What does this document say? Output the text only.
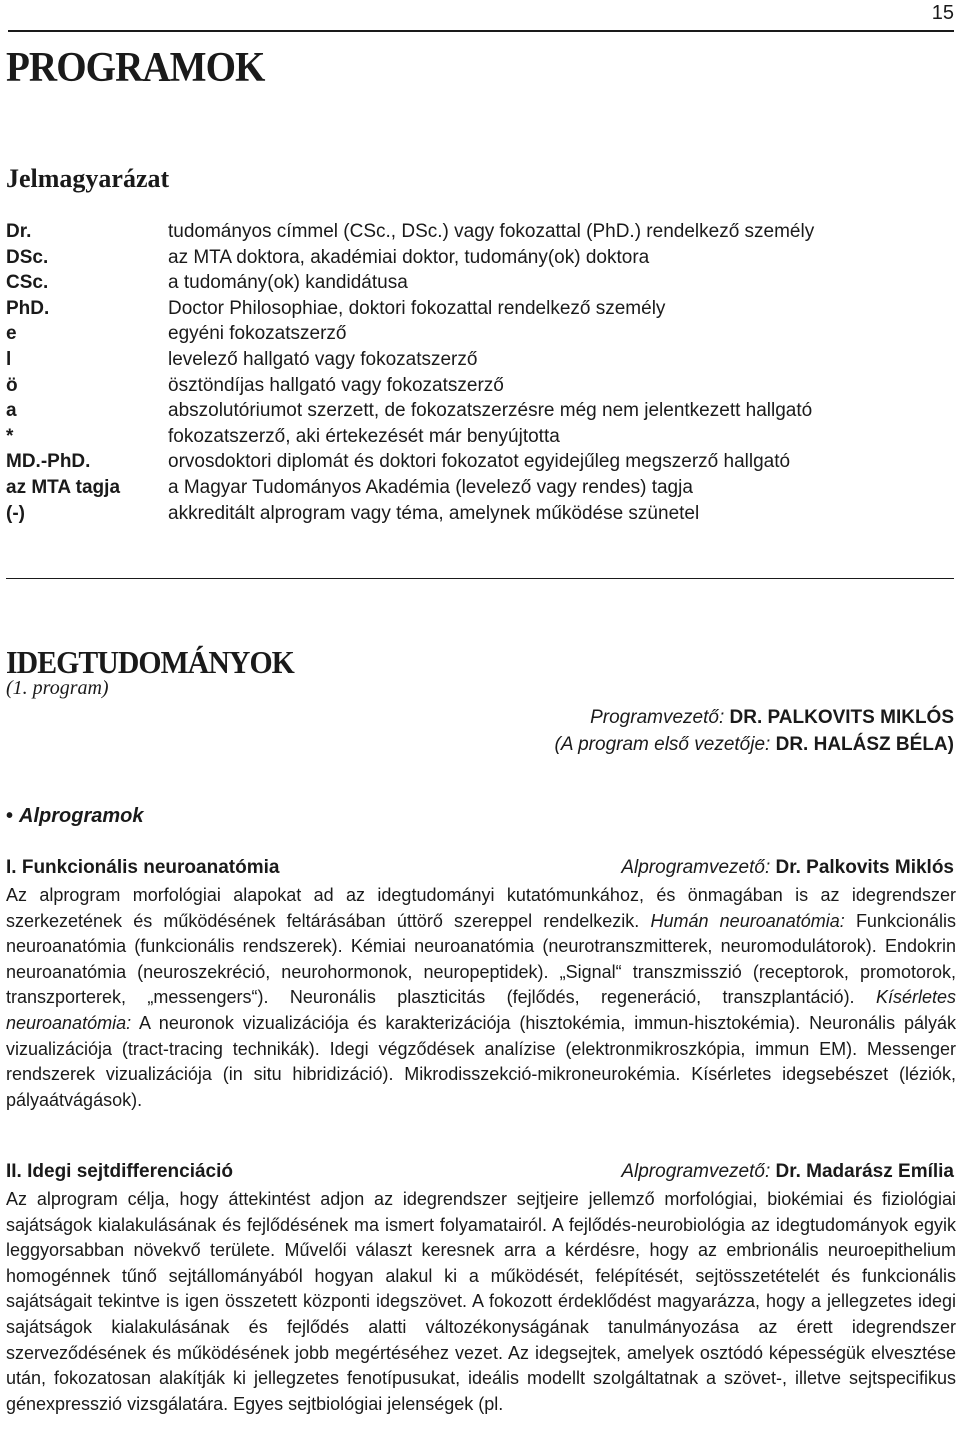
15
PROGRAMOK
Jelmagyarázat
Dr.	tudományos címmel (CSc., DSc.) vagy fokozattal (PhD.) rendelkező személy
DSc.	az MTA doktora, akadémiai doktor, tudomány(ok) doktora
CSc.	a tudomány(ok) kandidátusa
PhD.	Doctor Philosophiae, doktori fokozattal rendelkező személy
e	egyéni fokozatszerző
l	levelező hallgató vagy fokozatszerző
ö	ösztöndíjas hallgató vagy fokozatszerző
a	abszolutóriumot szerzett, de fokozatszerzésre még nem jelentkezett hallgató
*	fokozatszerző, aki értekezését már benyújtotta
MD.-PhD.	orvosdoktori diplomát és doktori fokozatot egyidejűleg megszerző hallgató
az MTA tagja	a Magyar Tudományos Akadémia (levelező vagy rendes) tagja
(-)	akkreditált alprogram vagy téma, amelynek működése szünetel
IDEGTUDOMÁNYOK
(1. program)
Programvezető: DR. PALKOVITS MIKLÓS
(A program első vezetője: DR. HALÁSZ BÉLA)
• Alprogramok
I. Funkcionális neuroanatómia	Alprogramvezető: Dr. Palkovits Miklós

Az alprogram morfológiai alapokat ad az idegtudományi kutatómunkához, és önmagában is az idegrendszer szerkezetének és működésének feltárásában úttörő szereppel rendelkezik. Humán neuroanatómia: Funkcionális neuroanatómia (funkcionális rendszerek). Kémiai neuroanatómia (neurotranszmitterek, neuromodulátorok). Endokrin neuroanatómia (neuroszekréció, neurohormonok, neuropeptidek). „Signal“ transzmisszió (receptorok, promotorok, transzporterek, „messengers“). Neuronális plaszticitás (fejlődés, regeneráció, transzplantáció). Kísérletes neuroanatómia: A neuronok vizualizációja és karakterizációja (hisztokémia, immun-hisztokémia). Neuronális pályák vizualizációja (tract-tracing technikák). Idegi végződések analízise (elektronmikroszkópia, immun EM). Messenger rendszerek vizualizációja (in situ hibridizáció). Mikrodisszekció-mikroneurokémia. Kísérletes idegsebészet (léziók, pályaátvágások).

II. Idegi sejtdifferenciáció	Alprogramvezető: Dr. Madarász Emília

Az alprogram célja, hogy áttekintést adjon az idegrendszer sejtjeire jellemző morfológiai, biokémiai és fiziológiai sajátságok kialakulásának és fejlődésének ma ismert folyamatairól. A fejlődés-neurobiológia az idegtudományok egyik leggyorsabban növekvő területe. Művelői választ keresnek arra a kérdésre, hogy az embrionális neuroepithelium homogénnek tűnő sejtállományából hogyan alakul ki a működését, felépítését, sejtösszetételét és funkcionális sajátságait tekintve is igen összetett központi idegszövet. A fokozott érdeklődést magyarázza, hogy a jellegzetes idegi sajátságok kialakulásának és fejlődés alatti változékonyságának tanulmányozása az érett idegrendszer szerveződésének és működésének jobb megértéséhez vezet. Az idegsejtek, amelyek osztódó képességük elvesztése után, fokozatosan alakítják ki jellegzetes fenotípusukat, ideális modellt szolgáltatnak a szövet-, illetve sejtspecifikus génexpresszió vizsgálatára. Egyes sejtbiológiai jelenségek (pl.
